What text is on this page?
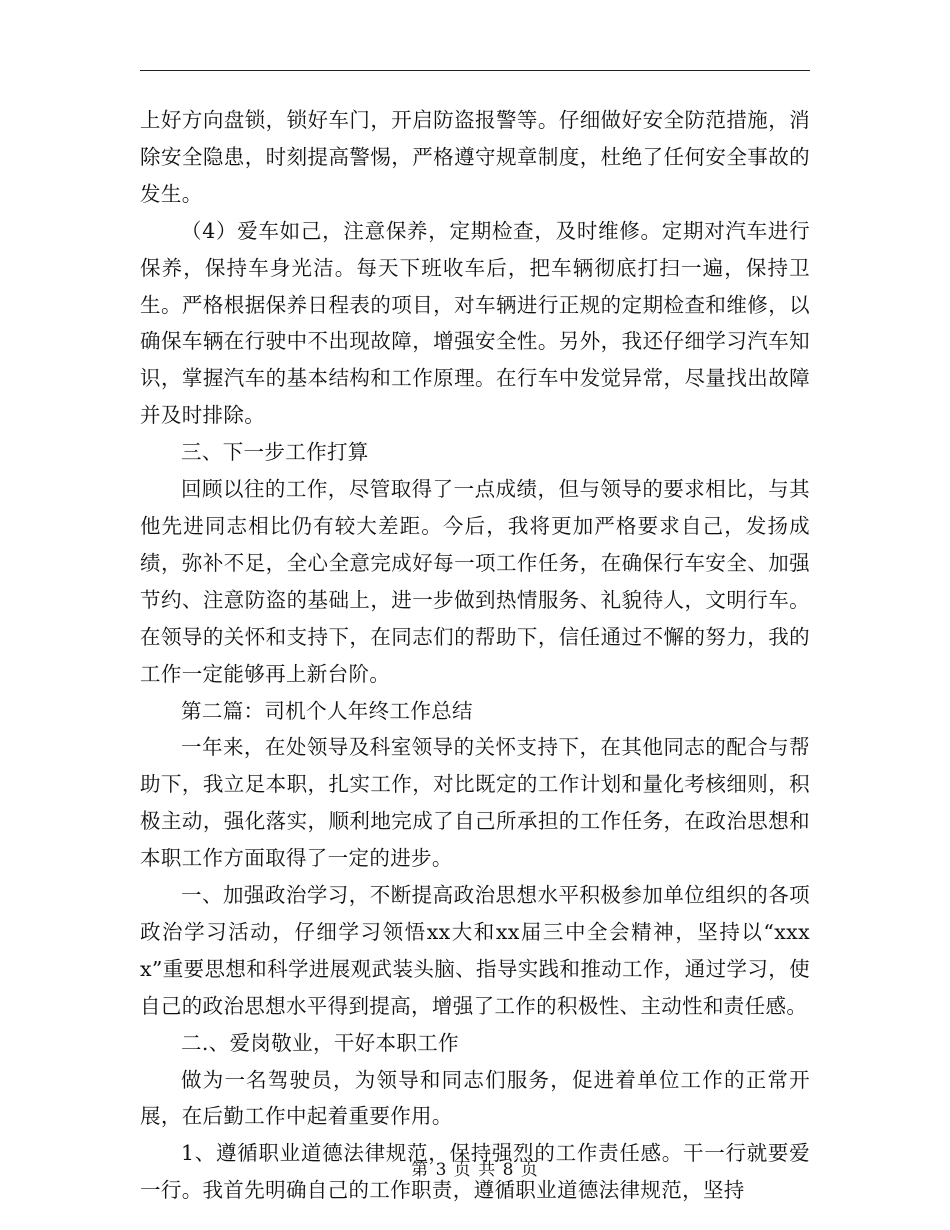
上好方向盘锁，锁好车门，开启防盗报警等。仔细做好安全防范措施，消除安全隐患，时刻提高警惕，严格遵守规章制度，杜绝了任何安全事故的发生。

（4）爱车如己，注意保养，定期检查，及时维修。定期对汽车进行保养，保持车身光洁。每天下班收车后，把车辆彻底打扫一遍，保持卫生。严格根据保养日程表的项目，对车辆进行正规的定期检查和维修，以确保车辆在行驶中不出现故障，增强安全性。另外，我还仔细学习汽车知识，掌握汽车的基本结构和工作原理。在行车中发觉异常，尽量找出故障并及时排除。

三、下一步工作打算

回顾以往的工作，尽管取得了一点成绩，但与领导的要求相比，与其他先进同志相比仍有较大差距。今后，我将更加严格要求自己，发扬成绩，弥补不足，全心全意完成好每一项工作任务，在确保行车安全、加强节约、注意防盗的基础上，进一步做到热情服务、礼貌待人，文明行车。在领导的关怀和支持下，在同志们的帮助下，信任通过不懈的努力，我的工作一定能够再上新台阶。

第二篇：司机个人年终工作总结

一年来，在处领导及科室领导的关怀支持下，在其他同志的配合与帮助下，我立足本职，扎实工作，对比既定的工作计划和量化考核细则，积极主动，强化落实，顺利地完成了自己所承担的工作任务，在政治思想和本职工作方面取得了一定的进步。

一、加强政治学习，不断提高政治思想水平积极参加单位组织的各项政治学习活动，仔细学习领悟xx大和xx届三中全会精神，坚持以“xxxx”重要思想和科学进展观武装头脑、指导实践和推动工作，通过学习，使自己的政治思想水平得到提高，增强了工作的积极性、主动性和责任感。

二.、爱岗敬业，干好本职工作

做为一名驾驶员，为领导和同志们服务，促进着单位工作的正常开展，在后勤工作中起着重要作用。

1、遵循职业道德法律规范，保持强烈的工作责任感。干一行就要爱一行。我首先明确自己的工作职责，遵循职业道德法律规范，坚持

第 3 页 共 8 页
